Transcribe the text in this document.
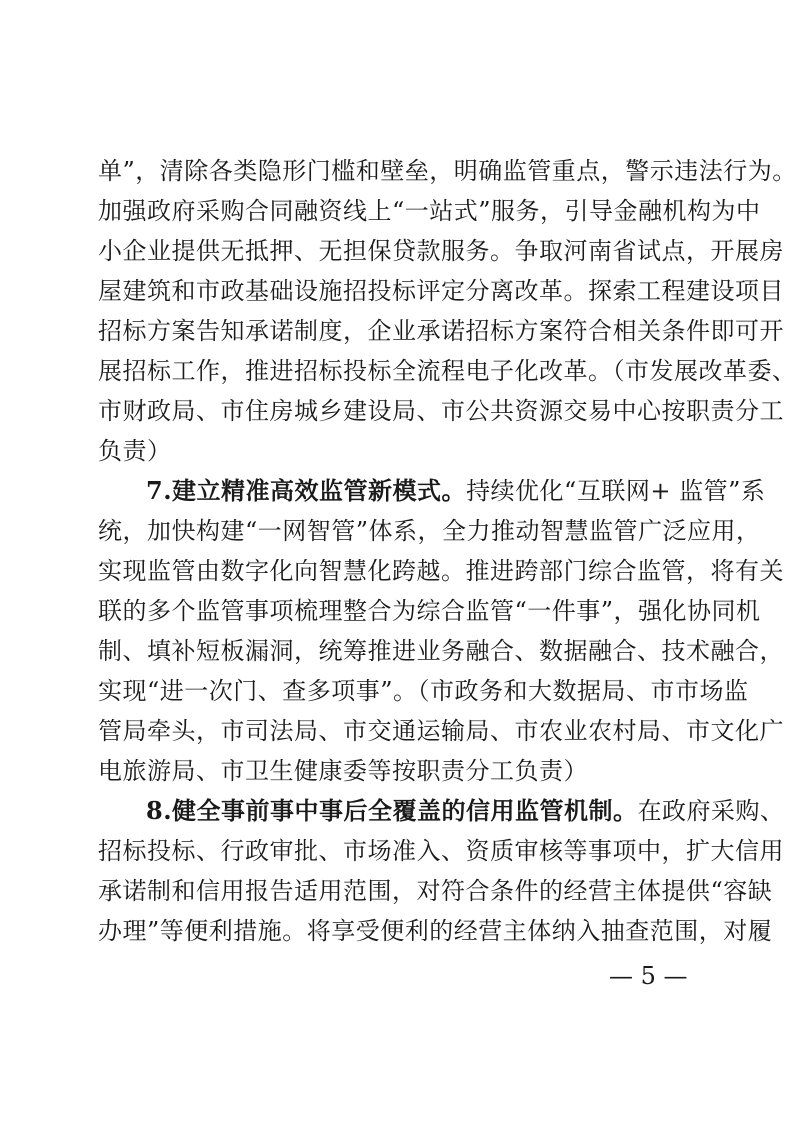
单”，清除各类隐形门槛和壁垒，明确监管重点，警示违法行为。
加强政府采购合同融资线上“一站式”服务，引导金融机构为中
小企业提供无抵押、无担保贷款服务。争取河南省试点，开展房
屋建筑和市政基础设施招投标评定分离改革。探索工程建设项目
招标方案告知承诺制度，企业承诺招标方案符合相关条件即可开
展招标工作，推进招标投标全流程电子化改革。（市发展改革委、
市财政局、市住房城乡建设局、市公共资源交易中心按职责分工
负责）
7.建立精准高效监管新模式。持续优化“互联网+ 监管”系
统，加快构建“一网智管”体系，全力推动智慧监管广泛应用，
实现监管由数字化向智慧化跨越。推进跨部门综合监管，将有关
联的多个监管事项梳理整合为综合监管“一件事”，强化协同机
制、填补短板漏洞，统筹推进业务融合、数据融合、技术融合，
实现“进一次门、查多项事”。（市政务和大数据局、市市场监
管局牵头，市司法局、市交通运输局、市农业农村局、市文化广
电旅游局、市卫生健康委等按职责分工负责）
8.健全事前事中事后全覆盖的信用监管机制。在政府采购、
招标投标、行政审批、市场准入、资质审核等事项中，扩大信用
承诺制和信用报告适用范围，对符合条件的经营主体提供“容缺
办理”等便利措施。将享受便利的经营主体纳入抽查范围，对履
— 5 —
